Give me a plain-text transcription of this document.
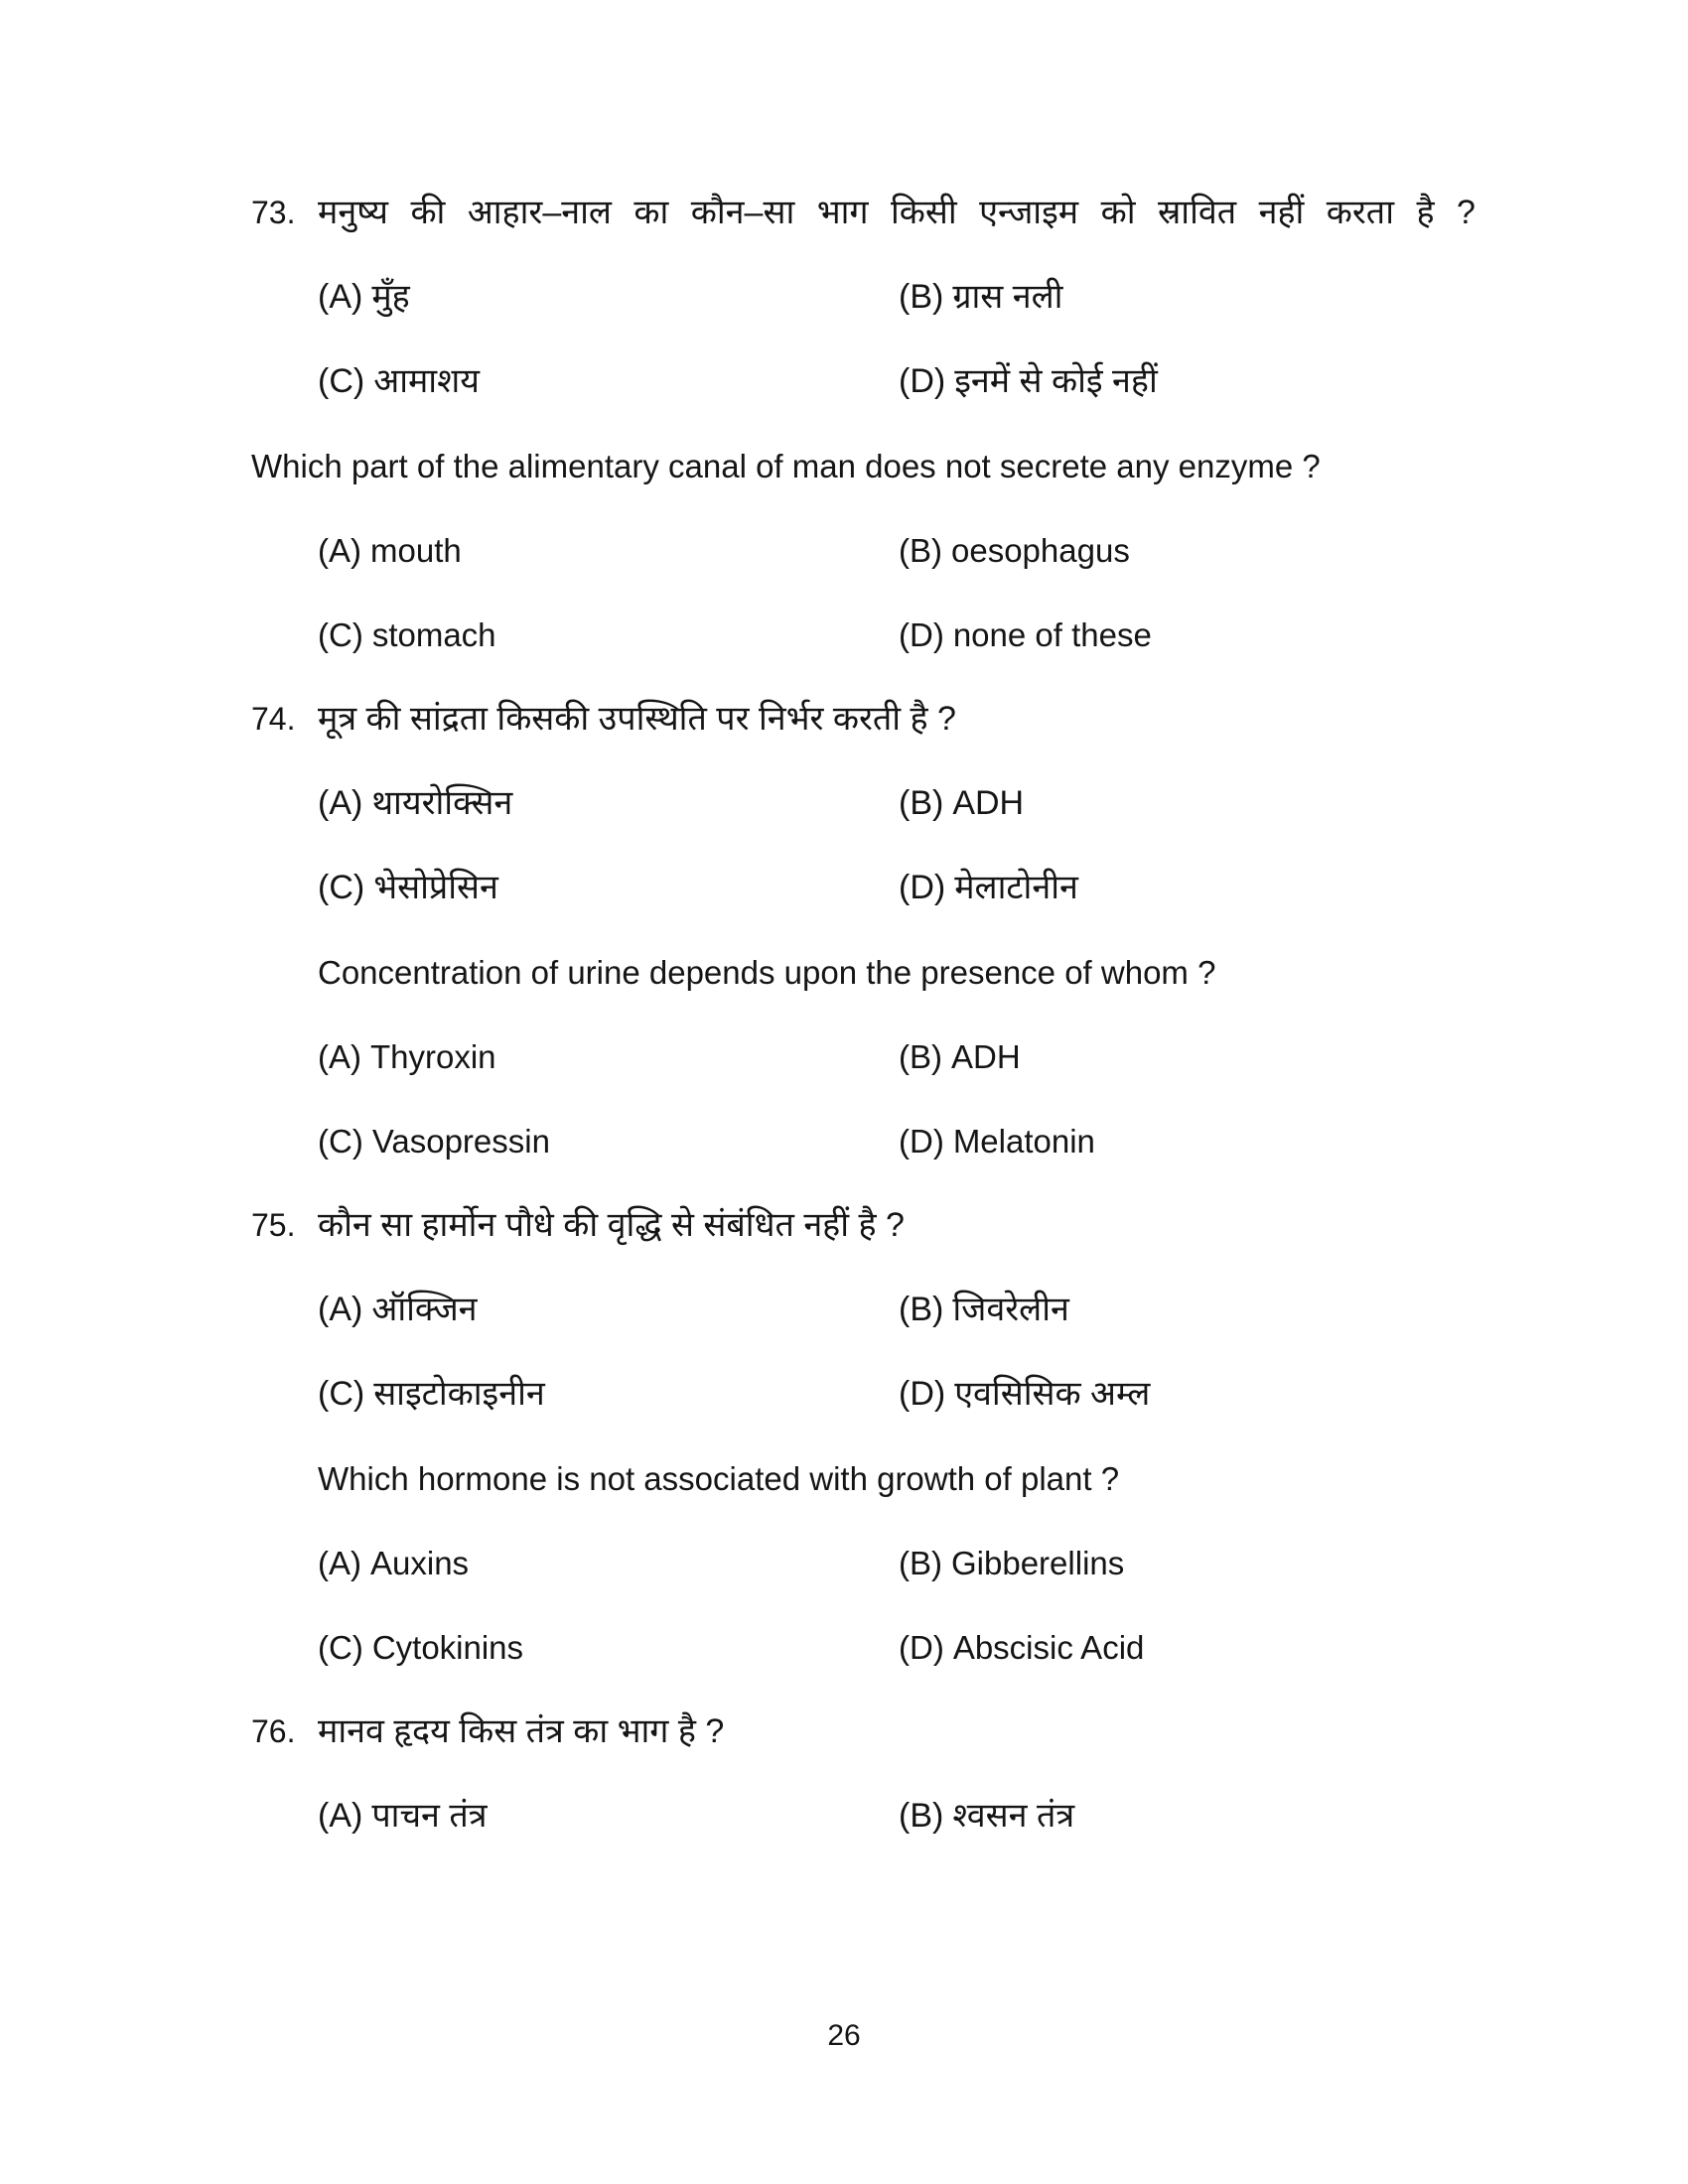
73. मनुष्य की आहार–नाल का कौन–सा भाग किसी एन्जाइम को स्रावित नहीं करता है ?
(A) मुँह	(B) ग्रास नली
(C) आमाशय	(D) इनमें से कोई नहीं

Which part of the alimentary canal of man does not secrete any enzyme ?

(A) mouth	(B) oesophagus
(C) stomach	(D) none of these
74. मूत्र की सांद्रता किसकी उपस्थिति पर निर्भर करती है ?
(A) थायरोक्सिन	(B) ADH
(C) भेसोप्रेसिन	(D) मेलाटोनीन
Concentration of urine depends upon the presence of whom ?
(A) Thyroxin	(B) ADH
(C) Vasopressin	(D) Melatonin
75. कौन सा हार्मोन पौधे की वृद्धि से संबंधित नहीं है ?
(A) ऑक्जिन	(B) जिवरेलीन
(C) साइटोकाइनीन	(D) एवसिसिक अम्ल
Which hormone is not associated with growth of plant ?
(A) Auxins	(B) Gibberellins
(C) Cytokinins	(D) Abscisic Acid
76. मानव हृदय किस तंत्र का भाग है ?
(A) पाचन तंत्र	(B) श्वसन तंत्र
26
